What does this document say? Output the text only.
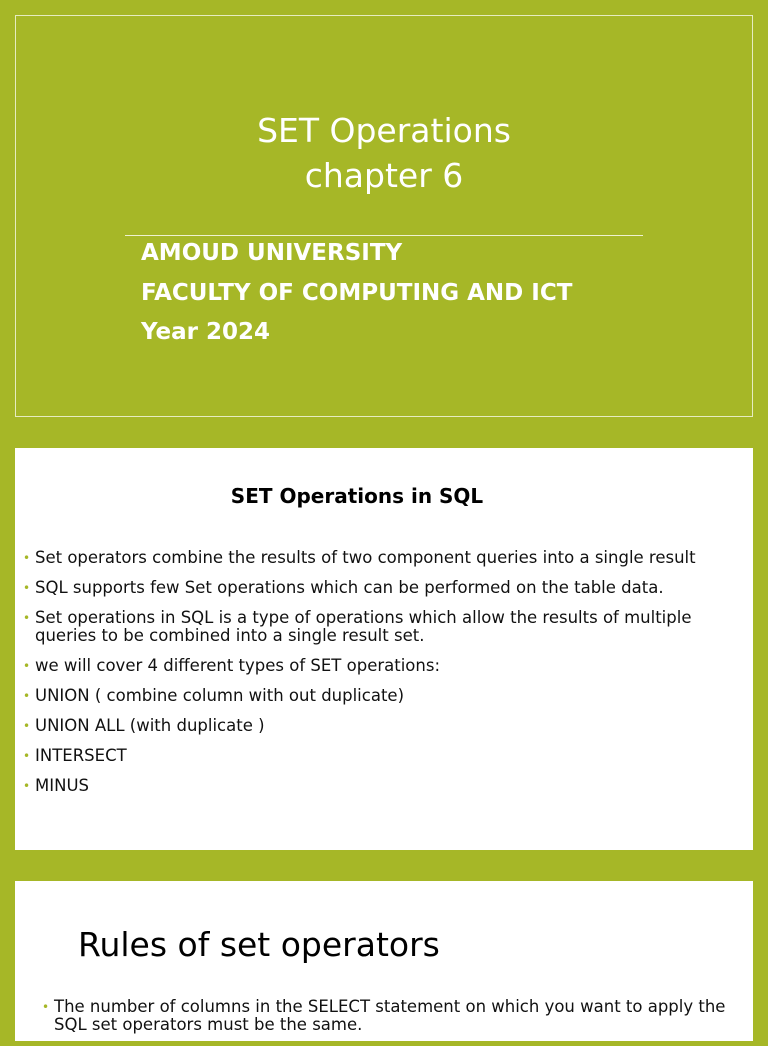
SET Operations
chapter 6
AMOUD UNIVERSITY
FACULTY OF COMPUTING AND ICT
Year 2024
SET Operations in SQL
• Set operators combine the results of two component queries into a single result
• SQL supports few Set operations which can be performed on the table data.
• Set operations in SQL is a type of operations which allow the results of multiple queries to be combined into a single result set.
• we will cover 4 different types of SET operations:
• UNION ( combine column with out duplicate)
• UNION ALL (with duplicate )
• INTERSECT
• MINUS
Rules of set operators
• The number of columns in the SELECT statement on which you want to apply the SQL set operators must be the same.
